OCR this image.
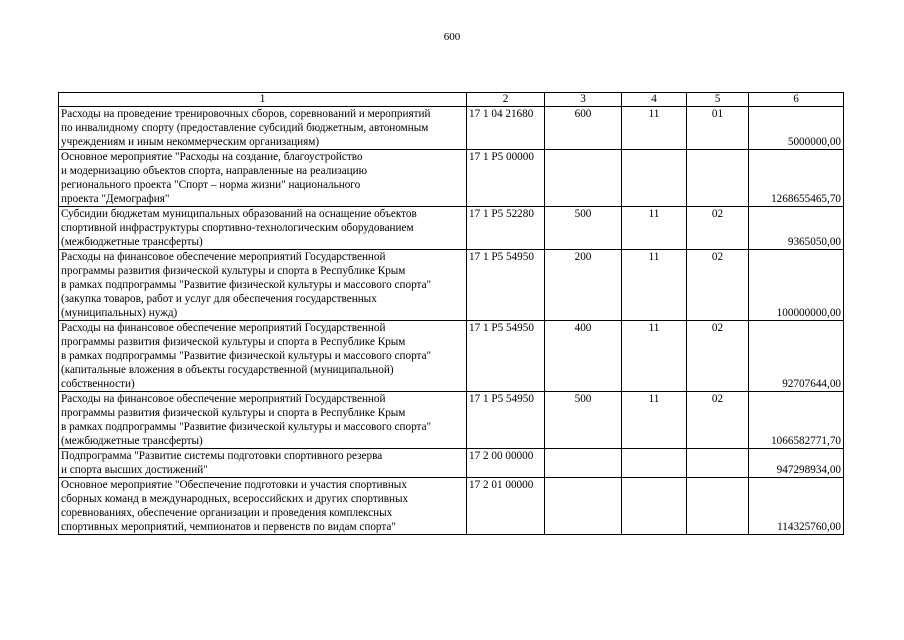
600
1	2	3	4	5	6
Расходы на проведение тренировочных сборов, соревнований и мероприятий
по инвалидному спорту (предоставление субсидий бюджетным, автономным
учреждениям и иным некоммерческим организациям)	17 1 04 21680	600	11	01	5000000,00
Основное мероприятие "Расходы на создание, благоустройство
и модернизацию объектов спорта, направленные на реализацию
регионального проекта "Спорт – норма жизни" национального
проекта "Демография"	17 1 P5 00000				1268655465,70
Субсидии бюджетам муниципальных образований на оснащение объектов
спортивной инфраструктуры спортивно-технологическим оборудованием
(межбюджетные трансферты)	17 1 P5 52280	500	11	02	9365050,00
Расходы на финансовое обеспечение мероприятий Государственной
программы развития физической культуры и спорта в Республике Крым
в рамках подпрограммы "Развитие физической культуры и массового спорта"
(закупка товаров, работ и услуг для обеспечения государственных
(муниципальных) нужд)	17 1 P5 54950	200	11	02	100000000,00
Расходы на финансовое обеспечение мероприятий Государственной
программы развития физической культуры и спорта в Республике Крым
в рамках подпрограммы "Развитие физической культуры и массового спорта"
(капитальные вложения в объекты государственной (муниципальной)
собственности)	17 1 P5 54950	400	11	02	92707644,00
Расходы на финансовое обеспечение мероприятий Государственной
программы развития физической культуры и спорта в Республике Крым
в рамках подпрограммы "Развитие физической культуры и массового спорта"
(межбюджетные трансферты)	17 1 P5 54950	500	11	02	1066582771,70
Подпрограмма "Развитие системы подготовки спортивного резерва
и спорта высших достижений"	17 2 00 00000				947298934,00
Основное мероприятие "Обеспечение подготовки и участия спортивных
сборных команд в международных, всероссийских и других спортивных
соревнованиях, обеспечение организации и проведения комплексных
спортивных мероприятий, чемпионатов и первенств по видам спорта"	17 2 01 00000				114325760,00
